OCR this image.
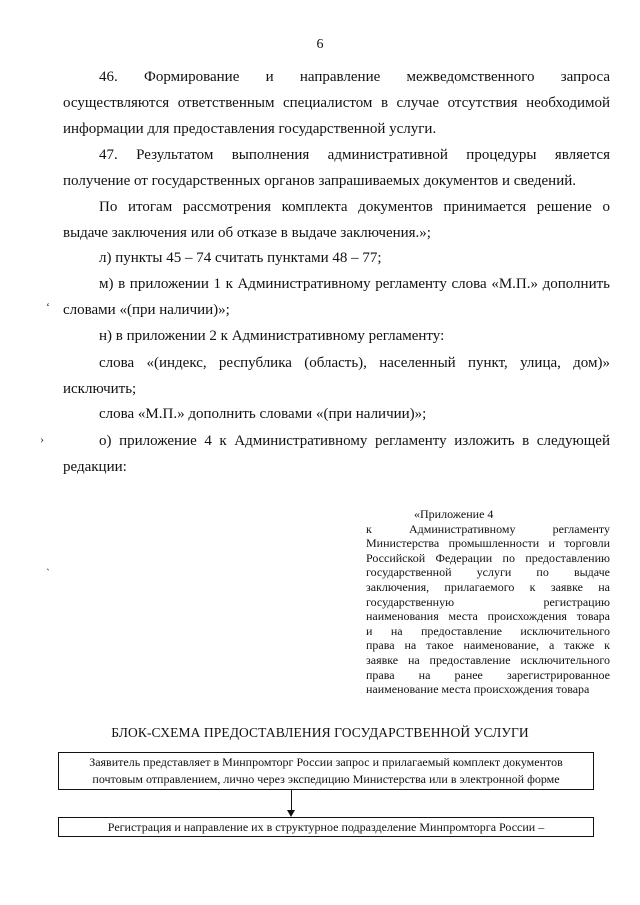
6
46. Формирование и направление межведомственного запроса
осуществляются ответственным специалистом в случае отсутствия необходимой
информации для предоставления государственной услуги.
47. Результатом выполнения административной процедуры является
получение от государственных органов запрашиваемых документов и сведений.
По итогам рассмотрения комплекта документов принимается решение о
выдаче заключения или об отказе в выдаче заключения.»;
л) пункты 45 – 74 считать пунктами 48 – 77;
м) в приложении 1 к Административному регламенту слова «М.П.» дополнить
словами «(при наличии)»;
н) в приложении 2 к Административному регламенту:
слова «(индекс, республика (область), населенный пункт, улица, дом)»
исключить;
слова «М.П.» дополнить словами «(при наличии)»;
о) приложение 4 к Административному регламенту изложить в следующей
редакции:
ʻ
›
ˋ
«Приложение 4
к Административному регламенту
Министерства промышленности и торговли
Российской Федерации по предоставлению
государственной услуги по выдаче
заключения, прилагаемого к заявке на
государственную регистрацию
наименования места происхождения товара
и на предоставление исключительного
права на такое наименование, а также к
заявке на предоставление исключительного
права на ранее зарегистрированное
наименование места происхождения товара
БЛОК-СХЕМА ПРЕДОСТАВЛЕНИЯ ГОСУДАРСТВЕННОЙ УСЛУГИ
Заявитель представляет в Минпромторг России запрос и прилагаемый комплект документов
почтовым отправлением, лично через экспедицию Министерства или в электронной форме
Регистрация и направление их в структурное подразделение Минпромторга России –
